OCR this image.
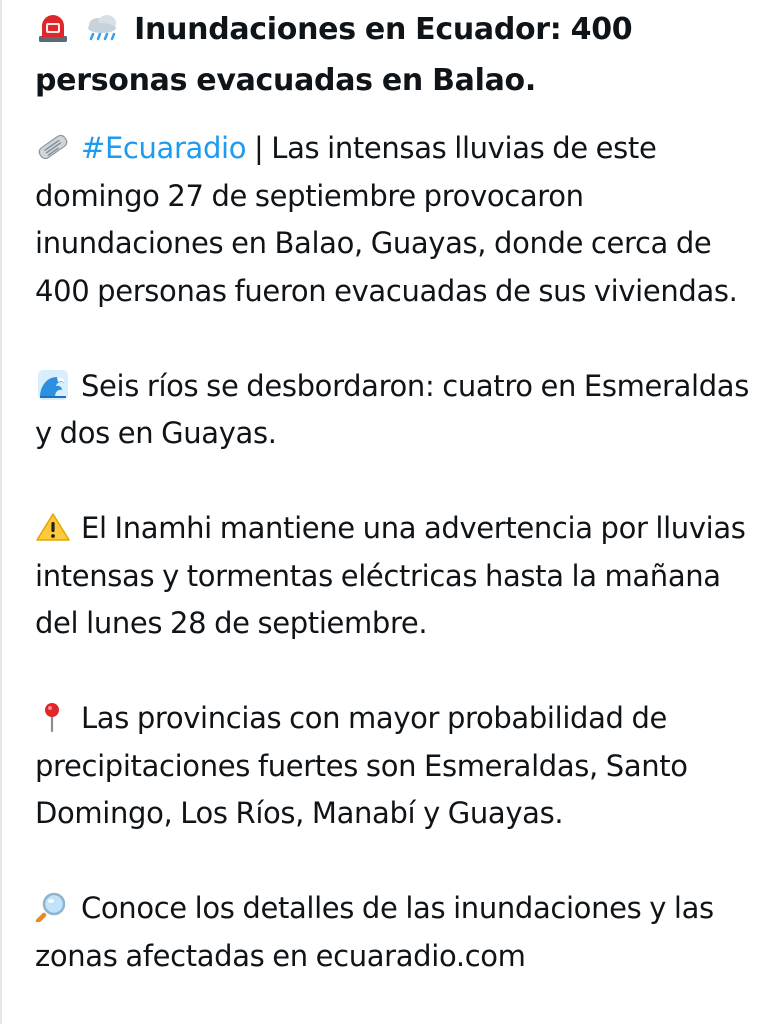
Inundaciones en Ecuador: 400 personas evacuadas en Balao.

#Ecuaradio | Las intensas lluvias de este domingo 27 de septiembre provocaron inundaciones en Balao, Guayas, donde cerca de 400 personas fueron evacuadas de sus viviendas.

Seis ríos se desbordaron: cuatro en Esmeraldas y dos en Guayas.

El Inamhi mantiene una advertencia por lluvias intensas y tormentas eléctricas hasta la mañana del lunes 28 de septiembre.

Las provincias con mayor probabilidad de precipitaciones fuertes son Esmeraldas, Santo Domingo, Los Ríos, Manabí y Guayas.

Conoce los detalles de las inundaciones y las zonas afectadas en ecuaradio.com
